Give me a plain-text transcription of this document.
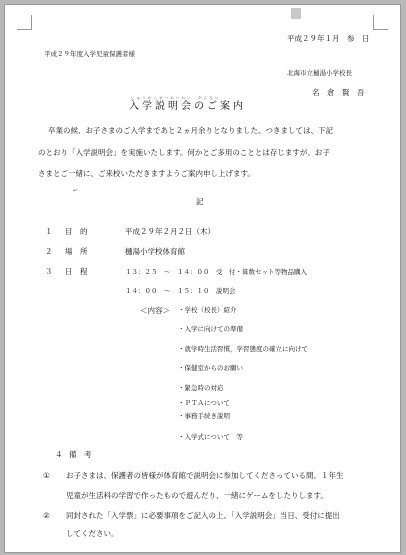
平成２９年１月　参　日
平成２９年度入学児童保護者様
北海市立樋湯小学校長
名　倉　賢　吾
にゅうがくせつめいかい　あんない
入学説明会のご案内
卒業の候、お子さまのご入学まであと２ヵ月余りとなりました。つきましては、下記
のとおり「入学説明会」を実施いたします。何かとご多用のこととは存じますが、お子
さまとご一緒に、ご来校いただきますようご案内申し上げます。
↵
記
１ 目　的	平成２９年２月２日（木）
２ 場　所	樋湯小学校体育館
３ 日　程	１３：２５　～　１４：００　受　付・算数セット等物品購入
１４：００　～　１５：１０　説明会
＜内容＞ ・学校（校長）紹介
・入学に向けての準備
・就学時生活習慣，学習態度の確立に向けて
・保健室からのお願い
・緊急時の対応
・ＰＴＡについて
・事務手続き説明
・入学式について　等
４ 備　考
① お子さまは、保護者の皆様が体育館で説明会に参加してくださっている間、１年生
児童が生活科の学習で作ったもので遊んだり、一緒にゲームをしたりします。
② 同封された「入学票」に必要事項をご記入の上、「入学説明会」当日、受付に提出
してください。
